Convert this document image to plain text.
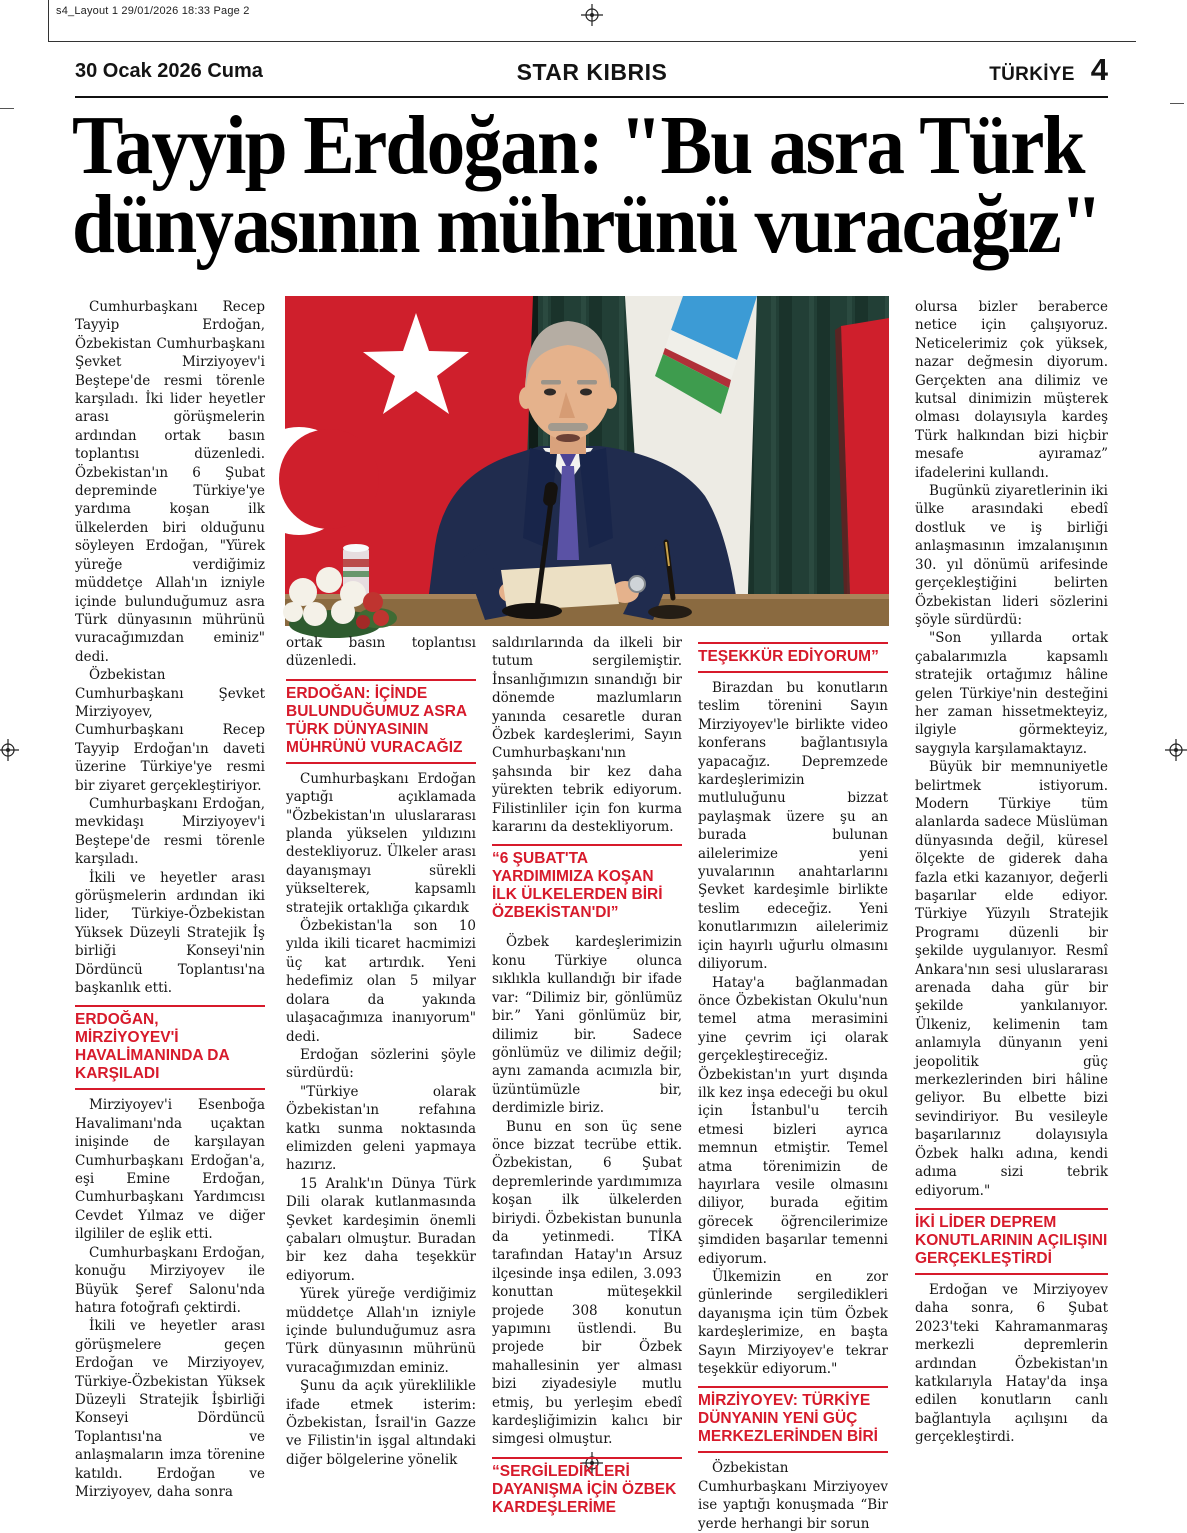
s4_Layout 1 29/01/2026 18:33 Page 2
30 Ocak 2026 Cuma	STAR KIBRIS	TÜRKİYE 4
Tayyip Erdoğan: "Bu asra Türk
dünyasının mührünü vuracağız"

Cumhurbaşkanı Recep Tayyip Erdoğan, Özbekistan Cumhurbaşkanı Şevket Mirziyoyev'i Beştepe'de resmi törenle karşıladı. İki lider heyetler arası görüşmelerin ardından ortak basın toplantısı düzenledi. Özbekistan'ın 6 Şubat depreminde Türkiye'ye yardıma koşan ilk ülkelerden biri olduğunu söyleyen Erdoğan, "Yürek yüreğe verdiğimiz müddetçe Allah'ın izniyle içinde bulunduğumuz asra Türk dünyasının mührünü vuracağımızdan eminiz" dedi.

Özbekistan Cumhurbaşkanı Şevket Mirziyoyev, Cumhurbaşkanı Recep Tayyip Erdoğan'ın daveti üzerine Türkiye'ye resmi bir ziyaret gerçekleştiriyor.

Cumhurbaşkanı Erdoğan, mevkidaşı Mirziyoyev'i Beştepe'de resmi törenle karşıladı.

İkili ve heyetler arası görüşmelerin ardından iki lider, Türkiye-Özbekistan Yüksek Düzeyli Stratejik İş birliği Konseyi'nin Dördüncü Toplantısı'na başkanlık etti.

ERDOĞAN, MİRZİYOYEV'İ HAVALİMANINDA DA KARŞILADI

Mirziyoyev'i Esenboğa Havalimanı'nda uçaktan inişinde de karşılayan Cumhurbaşkanı Erdoğan'a, eşi Emine Erdoğan, Cumhurbaşkanı Yardımcısı Cevdet Yılmaz ve diğer ilgililer de eşlik etti.

Cumhurbaşkanı Erdoğan, konuğu Mirziyoyev ile Büyük Şeref Salonu'nda hatıra fotoğrafı çektirdi.

İkili ve heyetler arası görüşmelere geçen Erdoğan ve Mirziyoyev, Türkiye-Özbekistan Yüksek Düzeyli Stratejik İşbirliği Konseyi Dördüncü Toplantısı'na ve anlaşmaların imza törenine katıldı. Erdoğan ve Mirziyoyev, daha sonra

ortak basın toplantısı düzenledi.

ERDOĞAN: İÇİNDE BULUNDUĞUMUZ ASRA TÜRK DÜNYASININ MÜHRÜNÜ VURACAĞIZ

Cumhurbaşkanı Erdoğan yaptığı açıklamada "Özbekistan'ın uluslararası planda yükselen yıldızını destekliyoruz. Ülkeler arası dayanışmayı sürekli yükselterek, kapsamlı stratejik ortaklığa çıkardık

Özbekistan'la son 10 yılda ikili ticaret hacmimizi üç kat artırdık. Yeni hedefimiz olan 5 milyar dolara da yakında ulaşacağımıza inanıyorum" dedi.

Erdoğan sözlerini şöyle sürdürdü:

"Türkiye olarak Özbekistan'ın refahına katkı sunma noktasında elimizden geleni yapmaya hazırız.

15 Aralık'ın Dünya Türk Dili olarak kutlanmasında Şevket kardeşimin önemli çabaları olmuştur. Buradan bir kez daha teşekkür ediyorum.

Yürek yüreğe verdiğimiz müddetçe Allah'ın izniyle içinde bulunduğumuz asra Türk dünyasının mührünü vuracağımızdan eminiz.

Şunu da açık yüreklilikle ifade etmek isterim: Özbekistan, İsrail'in Gazze ve Filistin'in işgal altındaki diğer bölgelerine yönelik

saldırılarında da ilkeli bir tutum sergilemiştir. İnsanlığımızın sınandığı bir dönemde mazlumların yanında cesaretle duran Özbek kardeşlerimi, Sayın Cumhurbaşkanı'nın şahsında bir kez daha yürekten tebrik ediyorum. Filistinliler için fon kurma kararını da destekliyorum.

“6 ŞUBAT'TA YARDIMIMIZA KOŞAN İLK ÜLKELERDEN BİRİ ÖZBEKİSTAN'DI”

Özbek kardeşlerimizin konu Türkiye olunca sıklıkla kullandığı bir ifade var: “Dilimiz bir, gönlümüz bir.” Yani gönlümüz bir, dilimiz bir. Sadece gönlümüz ve dilimiz değil; aynı zamanda acımızla bir, üzüntümüzle bir, derdimizle biriz.

Bunu en son üç sene önce bizzat tecrübe ettik. Özbekistan, 6 Şubat depremlerinde yardımımıza koşan ilk ülkelerden biriydi. Özbekistan bununla da yetinmedi. TİKA tarafından Hatay'ın Arsuz ilçesinde inşa edilen, 3.093 konuttan müteşekkil projede 308 konutun yapımını üstlendi. Bu projede bir Özbek mahallesinin yer alması bizi ziyadesiyle mutlu etmiş, bu yerleşim ebedî kardeşliğimizin kalıcı bir simgesi olmuştur.

“SERGİLEDİKLERİ DAYANIŞMA İÇİN ÖZBEK KARDEŞLERİME
TEŞEKKÜR EDİYORUM”

Birazdan bu konutların teslim törenini Sayın Mirziyoyev'le birlikte video konferans bağlantısıyla yapacağız. Depremzede kardeşlerimizin mutluluğunu bizzat paylaşmak üzere şu an burada bulunan ailelerimize yeni yuvalarının anahtarlarını Şevket kardeşimle birlikte teslim edeceğiz. Yeni konutlarımızın ailelerimiz için hayırlı uğurlu olmasını diliyorum.

Hatay'a bağlanmadan önce Özbekistan Okulu'nun temel atma merasimini yine çevrim içi olarak gerçekleştireceğiz. Özbekistan'ın yurt dışında ilk kez inşa edeceği bu okul için İstanbul'u tercih etmesi bizleri ayrıca memnun etmiştir. Temel atma törenimizin de hayırlara vesile olmasını diliyor, burada eğitim görecek öğrencilerimize şimdiden başarılar temenni ediyorum.

Ülkemizin en zor günlerinde sergiledikleri dayanışma için tüm Özbek kardeşlerimize, en başta Sayın Mirziyoyev'e tekrar teşekkür ediyorum."

MİRZİYOYEV: TÜRKİYE DÜNYANIN YENİ GÜÇ MERKEZLERİNDEN BİRİ

Özbekistan Cumhurbaşkanı Mirziyoyev ise yaptığı konuşmada “Bir yerde herhangi bir sorun

olursa bizler beraberce netice için çalışıyoruz. Neticelerimiz çok yüksek, nazar değmesin diyorum. Gerçekten ana dilimiz ve kutsal dinimizin müşterek olması dolayısıyla kardeş Türk halkından bizi hiçbir mesafe ayıramaz” ifadelerini kullandı.

Bugünkü ziyaretlerinin iki ülke arasındaki ebedî dostluk ve iş birliği anlaşmasının imzalanışının 30. yıl dönümü arifesinde gerçekleştiğini belirten Özbekistan lideri sözlerini şöyle sürdürdü:

"Son yıllarda ortak çabalarımızla kapsamlı stratejik ortağımız hâline gelen Türkiye'nin desteğini her zaman hissetmekteyiz, ilgiyle görmekteyiz, saygıyla karşılamaktayız.

Büyük bir memnuniyetle belirtmek istiyorum. Modern Türkiye tüm alanlarda sadece Müslüman dünyasında değil, küresel ölçekte de giderek daha fazla etki kazanıyor, değerli başarılar elde ediyor. Türkiye Yüzyılı Stratejik Programı düzenli bir şekilde uygulanıyor. Resmî Ankara'nın sesi uluslararası arenada daha gür bir şekilde yankılanıyor. Ülkeniz, kelimenin tam anlamıyla dünyanın yeni jeopolitik güç merkezlerinden biri hâline geliyor. Bu elbette bizi sevindiriyor. Bu vesileyle başarılarınız dolayısıyla Özbek halkı adına, kendi adıma sizi tebrik ediyorum."

İKİ LİDER DEPREM KONUTLARININ AÇILIŞINI GERÇEKLEŞTİRDİ

Erdoğan ve Mirziyoyev daha sonra, 6 Şubat 2023'teki Kahramanmaraş merkezli depremlerin ardından Özbekistan'ın katkılarıyla Hatay'da inşa edilen konutların canlı bağlantıyla açılışını da gerçekleştirdi.
